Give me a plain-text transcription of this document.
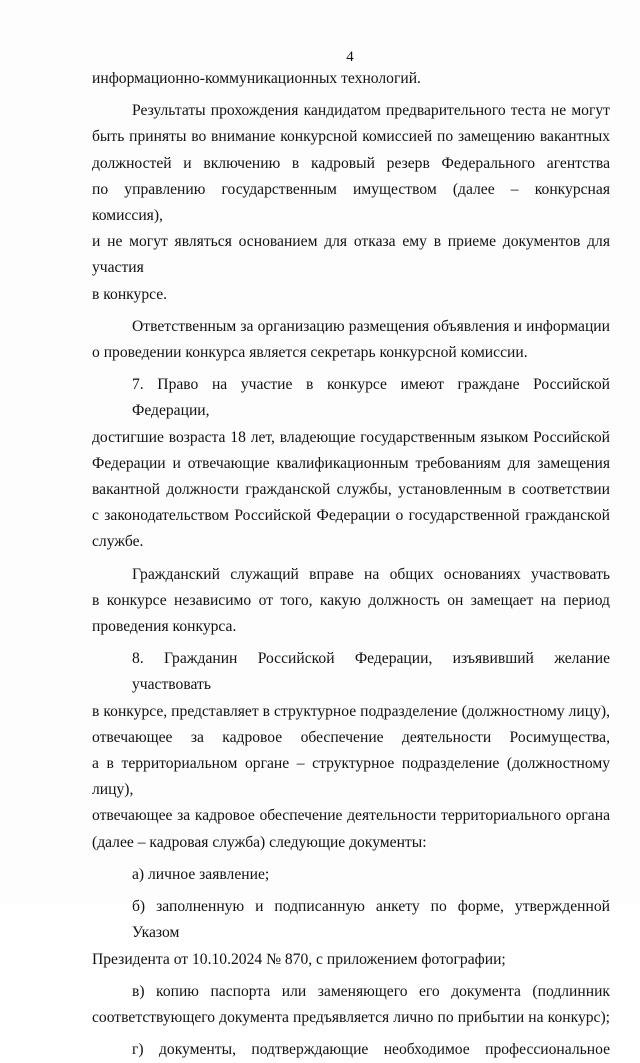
4
информационно-коммуникационных технологий.
Результаты прохождения кандидатом предварительного теста не могут
быть приняты во внимание конкурсной комиссией по замещению вакантных
должностей и включению в кадровый резерв Федерального агентства
по управлению государственным имуществом (далее – конкурсная комиссия),
и не могут являться основанием для отказа ему в приеме документов для участия
в конкурсе.
Ответственным за организацию размещения объявления и информации
о проведении конкурса является секретарь конкурсной комиссии.
7. Право на участие в конкурсе имеют граждане Российской Федерации,
достигшие возраста 18 лет, владеющие государственным языком Российской
Федерации и отвечающие квалификационным требованиям для замещения
вакантной должности гражданской службы, установленным в соответствии
с законодательством Российской Федерации о государственной гражданской
службе.
Гражданский служащий вправе на общих основаниях участвовать
в конкурсе независимо от того, какую должность он замещает на период
проведения конкурса.
8. Гражданин Российской Федерации, изъявивший желание участвовать
в конкурсе, представляет в структурное подразделение (должностному лицу),
отвечающее за кадровое обеспечение деятельности Росимущества,
а в территориальном органе – структурное подразделение (должностному лицу),
отвечающее за кадровое обеспечение деятельности территориального органа
(далее – кадровая служба) следующие документы:
а) личное заявление;
б) заполненную и подписанную анкету по форме, утвержденной Указом
Президента от 10.10.2024 № 870, с приложением фотографии;
в) копию паспорта или заменяющего его документа (подлинник
соответствующего документа предъявляется лично по прибытии на конкурс);
г) документы, подтверждающие необходимое профессиональное
